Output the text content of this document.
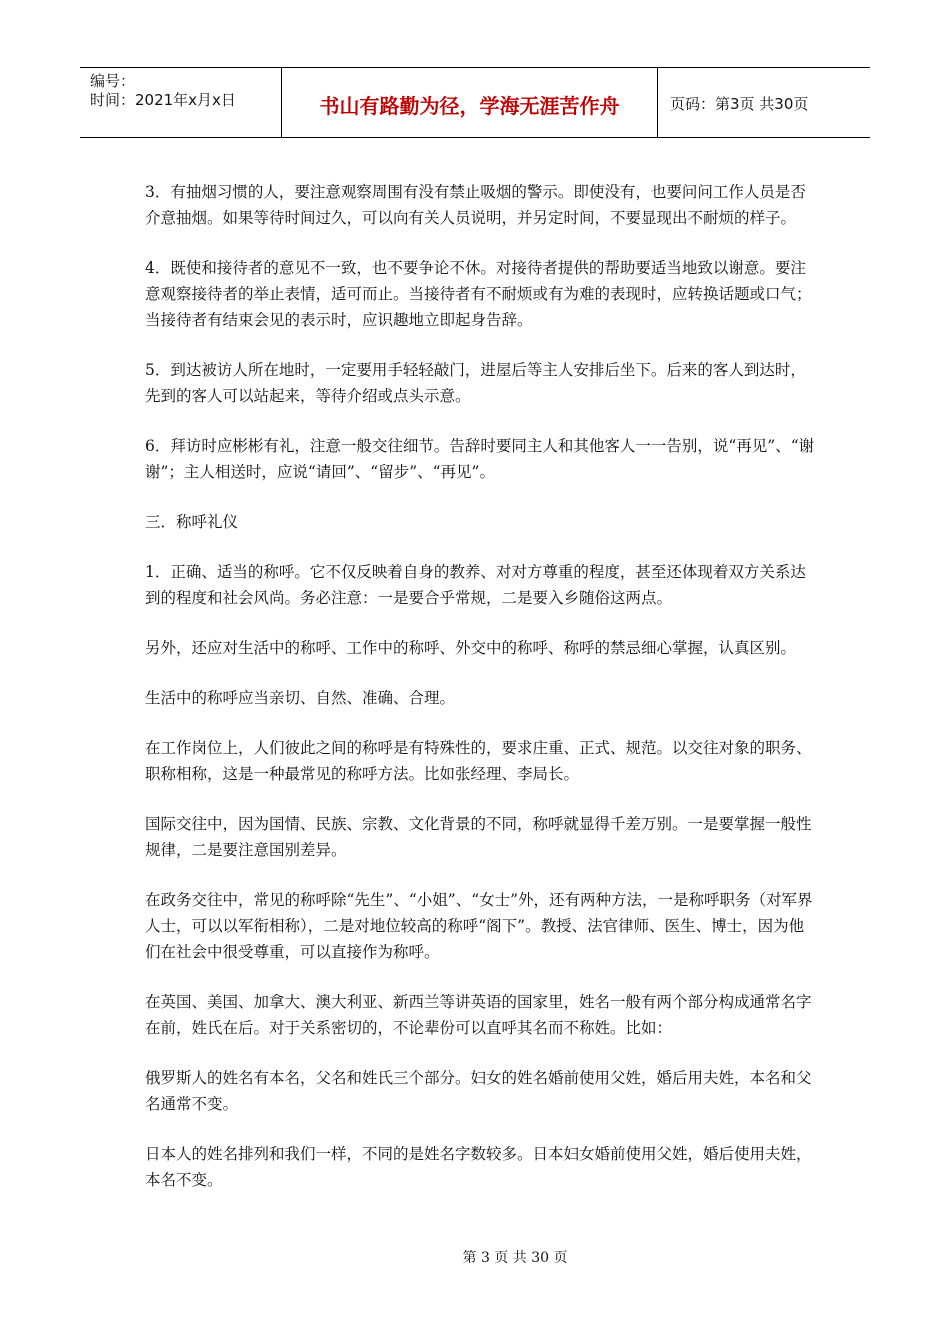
编号：
时间：2021年x月x日	书山有路勤为径，学海无涯苦作舟	页码：第3页 共30页

3．有抽烟习惯的人，要注意观察周围有没有禁止吸烟的警示。即使没有，也要问问工作人员是否介意抽烟。如果等待时间过久，可以向有关人员说明，并另定时间，不要显现出不耐烦的样子。

4．既使和接待者的意见不一致，也不要争论不休。对接待者提供的帮助要适当地致以谢意。要注意观察接待者的举止表情，适可而止。当接待者有不耐烦或有为难的表现时，应转换话题或口气；当接待者有结束会见的表示时，应识趣地立即起身告辞。

5．到达被访人所在地时，一定要用手轻轻敲门，进屋后等主人安排后坐下。后来的客人到达时，先到的客人可以站起来，等待介绍或点头示意。

6．拜访时应彬彬有礼，注意一般交往细节。告辞时要同主人和其他客人一一告别，说“再见”、“谢谢”；主人相送时，应说“请回”、“留步”、“再见”。

三．称呼礼仪

1．正确、适当的称呼。它不仅反映着自身的教养、对对方尊重的程度，甚至还体现着双方关系达到的程度和社会风尚。务必注意：一是要合乎常规，二是要入乡随俗这两点。

另外，还应对生活中的称呼、工作中的称呼、外交中的称呼、称呼的禁忌细心掌握，认真区别。

生活中的称呼应当亲切、自然、准确、合理。

在工作岗位上，人们彼此之间的称呼是有特殊性的，要求庄重、正式、规范。以交往对象的职务、职称相称，这是一种最常见的称呼方法。比如张经理、李局长。

国际交往中，因为国情、民族、宗教、文化背景的不同，称呼就显得千差万别。一是要掌握一般性规律，二是要注意国别差异。

在政务交往中，常见的称呼除“先生”、“小姐”、“女士”外，还有两种方法，一是称呼职务（对军界人士，可以以军衔相称），二是对地位较高的称呼“阁下”。教授、法官律师、医生、博士，因为他们在社会中很受尊重，可以直接作为称呼。

在英国、美国、加拿大、澳大利亚、新西兰等讲英语的国家里，姓名一般有两个部分构成通常名字在前，姓氏在后。对于关系密切的，不论辈份可以直呼其名而不称姓。比如：

俄罗斯人的姓名有本名，父名和姓氏三个部分。妇女的姓名婚前使用父姓，婚后用夫姓，本名和父名通常不变。

日本人的姓名排列和我们一样，不同的是姓名字数较多。日本妇女婚前使用父姓，婚后使用夫姓，本名不变。

第 3 页 共 30 页
